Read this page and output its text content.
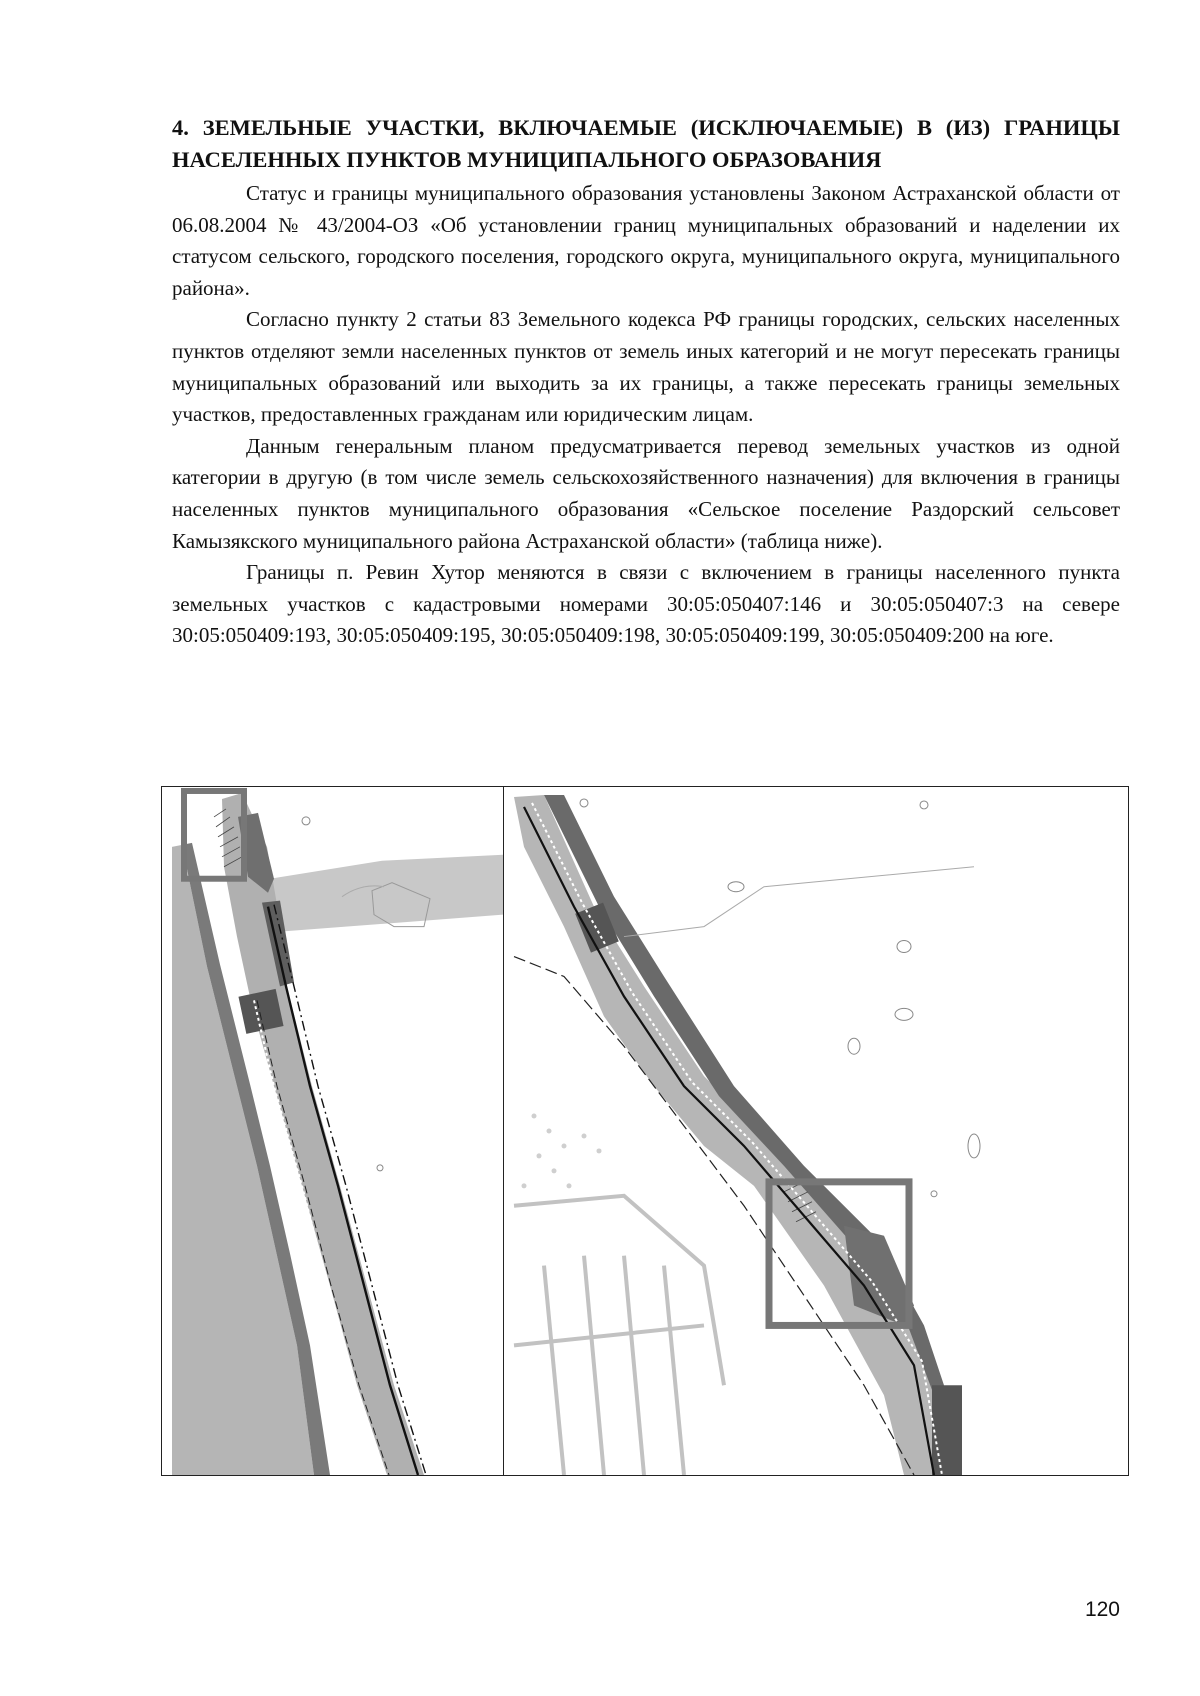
4. ЗЕМЕЛЬНЫЕ УЧАСТКИ, ВКЛЮЧАЕМЫЕ (ИСКЛЮЧАЕМЫЕ) В (ИЗ) ГРАНИЦЫ НАСЕЛЕННЫХ ПУНКТОВ МУНИЦИПАЛЬНОГО ОБРАЗОВАНИЯ

Статус и границы муниципального образования установлены Законом Астраханской области от 06.08.2004 № 43/2004-ОЗ «Об установлении границ муниципальных образований и наделении их статусом сельского, городского поселения, городского округа, муниципального округа, муниципального района».

Согласно пункту 2 статьи 83 Земельного кодекса РФ границы городских, сельских населенных пунктов отделяют земли населенных пунктов от земель иных категорий и не могут пересекать границы муниципальных образований или выходить за их границы, а также пересекать границы земельных участков, предоставленных гражданам или юридическим лицам.

Данным генеральным планом предусматривается перевод земельных участков из одной категории в другую (в том числе земель сельскохозяйственного назначения) для включения в границы населенных пунктов муниципального образования «Сельское поселение Раздорский сельсовет Камызякского муниципального района Астраханской области» (таблица ниже).

Границы п. Ревин Хутор меняются в связи с включением в границы населенного пункта земельных участков с кадастровыми номерами 30:05:050407:146 и 30:05:050407:3 на севере 30:05:050409:193, 30:05:050409:195, 30:05:050409:198, 30:05:050409:199, 30:05:050409:200 на юге.

120
